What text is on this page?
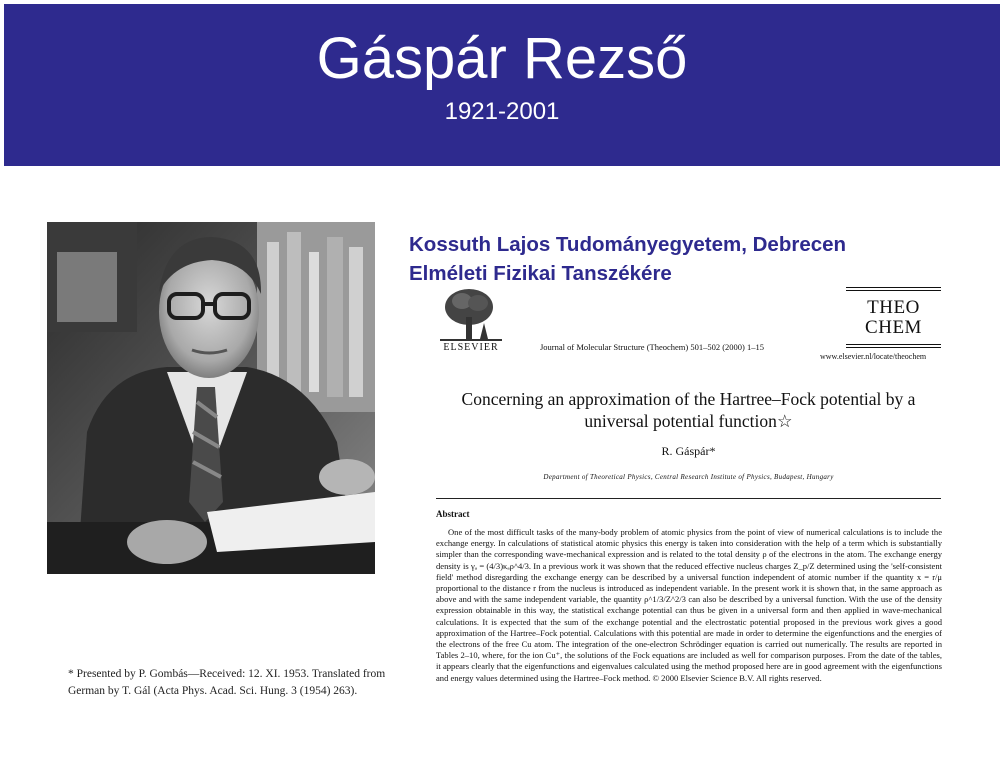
Gáspár Rezső
1921-2001
* Presented by P. Gombás—Received: 12. XI. 1953. Translated from German by T. Gál (Acta Phys. Acad. Sci. Hung. 3 (1954) 263).
Kossuth Lajos Tudományegyetem, Debrecen
Elméleti Fizikai Tanszékére
ELSEVIER	Journal of Molecular Structure (Theochem) 501–502 (2000) 1–15
THEO
CHEM
www.elsevier.nl/locate/theochem
Concerning an approximation of the Hartree–Fock potential by a universal potential function☆
R. Gáspár*
Department of Theoretical Physics, Central Research Institute of Physics, Budapest, Hungary
Abstract
One of the most difficult tasks of the many-body problem of atomic physics from the point of view of numerical calculations is to include the exchange energy. In calculations of statistical atomic physics this energy is taken into consideration with the help of a term which is substantially simpler than the corresponding wave-mechanical expression and is related to the total density ρ of the electrons in the atom. The exchange energy density is γₐ = (4/3)κₐρ^4/3. In a previous work it was shown that the reduced effective nucleus charges Z_p/Z determined using the 'self-consistent field' method disregarding the exchange energy can be described by a universal function independent of atomic number if the quantity x = r/μ proportional to the distance r from the nucleus is introduced as independent variable. In the present work it is shown that, in the same approach as above and with the same independent variable, the quantity ρ^1/3/Z^2/3 can also be described by a universal function. With the use of the density expression obtainable in this way, the statistical exchange potential can thus be given in a universal form and then applied in wave-mechanical calculations. It is expected that the sum of the exchange potential and the electrostatic potential proposed in the previous work gives a good approximation of the Hartree–Fock potential. Calculations with this potential are made in order to determine the eigenfunctions and the energies of the electrons of the free Cu atom. The integration of the one-electron Schrödinger equation is carried out numerically. The results are reported in Tables 2–10, where, for the ion Cu⁺, the solutions of the Fock equations are included as well for comparison purposes. From the date of the tables, it appears clearly that the eigenfunctions and eigenvalues calculated using the method proposed here are in good agreement with the eigenfunctions and energy values determined using the Hartree–Fock method. © 2000 Elsevier Science B.V. All rights reserved.
